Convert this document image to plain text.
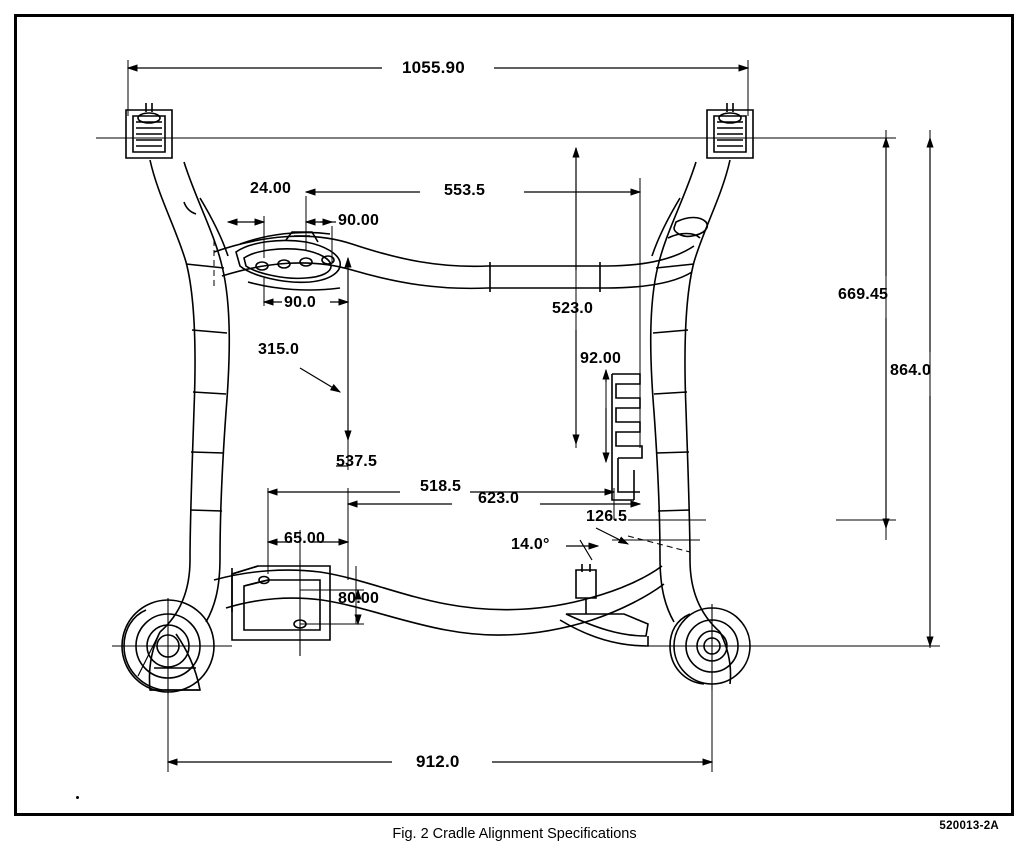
1055.90
24.00
90.00
553.5
90.0
315.0
523.0
92.00
669.45
864.0
537.5
518.5
623.0
126.5
65.00
80.00
14.0°
912.0
520013-2A
Fig. 2 Cradle Alignment Specifications
